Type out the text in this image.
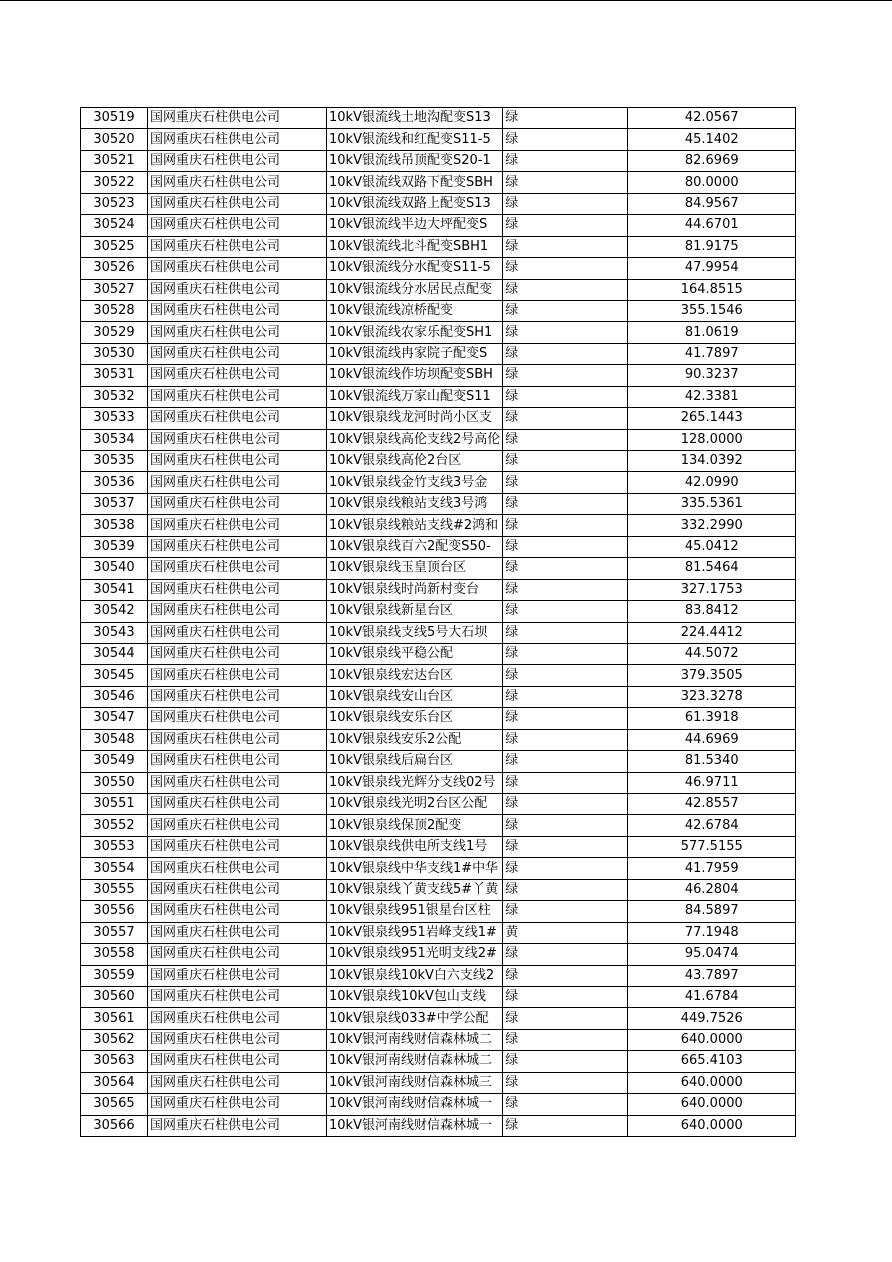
30519	国网重庆石柱供电公司	10kV银流线土地沟配变S13	绿	42.0567
30520	国网重庆石柱供电公司	10kV银流线和红配变S11-5	绿	45.1402
30521	国网重庆石柱供电公司	10kV银流线吊顶配变S20-1	绿	82.6969
30522	国网重庆石柱供电公司	10kV银流线双路下配变SBH	绿	80.0000
30523	国网重庆石柱供电公司	10kV银流线双路上配变S13	绿	84.9567
30524	国网重庆石柱供电公司	10kV银流线半边大坪配变S	绿	44.6701
30525	国网重庆石柱供电公司	10kV银流线北斗配变SBH1	绿	81.9175
30526	国网重庆石柱供电公司	10kV银流线分水配变S11-5	绿	47.9954
30527	国网重庆石柱供电公司	10kV银流线分水居民点配变	绿	164.8515
30528	国网重庆石柱供电公司	10kV银流线凉桥配变	绿	355.1546
30529	国网重庆石柱供电公司	10kV银流线农家乐配变SH1	绿	81.0619
30530	国网重庆石柱供电公司	10kV银流线冉家院子配变S	绿	41.7897
30531	国网重庆石柱供电公司	10kV银流线作坊坝配变SBH	绿	90.3237
30532	国网重庆石柱供电公司	10kV银流线万家山配变S11	绿	42.3381
30533	国网重庆石柱供电公司	10kV银泉线龙河时尚小区支	绿	265.1443
30534	国网重庆石柱供电公司	10kV银泉线高伦支线2号高伦	绿	128.0000
30535	国网重庆石柱供电公司	10kV银泉线高伦2台区	绿	134.0392
30536	国网重庆石柱供电公司	10kV银泉线金竹支线3号金	绿	42.0990
30537	国网重庆石柱供电公司	10kV银泉线粮站支线3号鸿	绿	335.5361
30538	国网重庆石柱供电公司	10kV银泉线粮站支线#2鸿和	绿	332.2990
30539	国网重庆石柱供电公司	10kV银泉线百六2配变S50-	绿	45.0412
30540	国网重庆石柱供电公司	10kV银泉线玉皇顶台区	绿	81.5464
30541	国网重庆石柱供电公司	10kV银泉线时尚新村变台	绿	327.1753
30542	国网重庆石柱供电公司	10kV银泉线新星台区	绿	83.8412
30543	国网重庆石柱供电公司	10kV银泉线支线5号大石坝	绿	224.4412
30544	国网重庆石柱供电公司	10kV银泉线平稳公配	绿	44.5072
30545	国网重庆石柱供电公司	10kV银泉线宏达台区	绿	379.3505
30546	国网重庆石柱供电公司	10kV银泉线安山台区	绿	323.3278
30547	国网重庆石柱供电公司	10kV银泉线安乐台区	绿	61.3918
30548	国网重庆石柱供电公司	10kV银泉线安乐2公配	绿	44.6969
30549	国网重庆石柱供电公司	10kV银泉线后扁台区	绿	81.5340
30550	国网重庆石柱供电公司	10kV银泉线光辉分支线02号	绿	46.9711
30551	国网重庆石柱供电公司	10kV银泉线光明2台区公配	绿	42.8557
30552	国网重庆石柱供电公司	10kV银泉线保顶2配变	绿	42.6784
30553	国网重庆石柱供电公司	10kV银泉线供电所支线1号	绿	577.5155
30554	国网重庆石柱供电公司	10kV银泉线中华支线1#中华	绿	41.7959
30555	国网重庆石柱供电公司	10kV银泉线丫黄支线5#丫黄	绿	46.2804
30556	国网重庆石柱供电公司	10kV银泉线951银星台区柱	绿	84.5897
30557	国网重庆石柱供电公司	10kV银泉线951岩峰支线1#	黄	77.1948
30558	国网重庆石柱供电公司	10kV银泉线951光明支线2#	绿	95.0474
30559	国网重庆石柱供电公司	10kV银泉线10kV白六支线2	绿	43.7897
30560	国网重庆石柱供电公司	10kV银泉线10kV包山支线	绿	41.6784
30561	国网重庆石柱供电公司	10kV银泉线033#中学公配	绿	449.7526
30562	国网重庆石柱供电公司	10kV银河南线财信森林城二	绿	640.0000
30563	国网重庆石柱供电公司	10kV银河南线财信森林城二	绿	665.4103
30564	国网重庆石柱供电公司	10kV银河南线财信森林城三	绿	640.0000
30565	国网重庆石柱供电公司	10kV银河南线财信森林城一	绿	640.0000
30566	国网重庆石柱供电公司	10kV银河南线财信森林城一	绿	640.0000
